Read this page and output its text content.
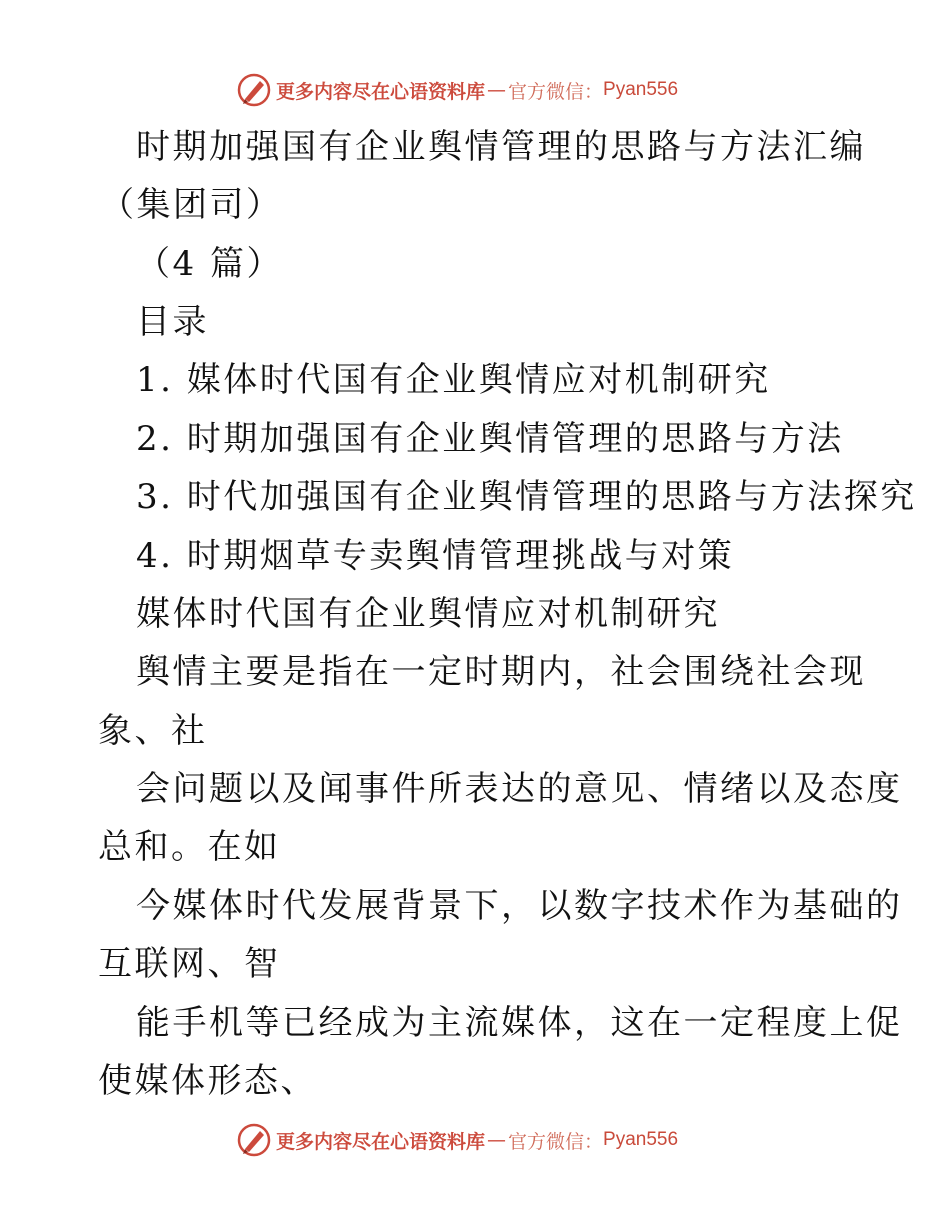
更多内容尽在心语资料库 — 官方微信： Pyan556
时期加强国有企业舆情管理的思路与方法汇编
（集团司）
（4 篇）
目录
1. 媒体时代国有企业舆情应对机制研究
2. 时期加强国有企业舆情管理的思路与方法
3. 时代加强国有企业舆情管理的思路与方法探究
4. 时期烟草专卖舆情管理挑战与对策
媒体时代国有企业舆情应对机制研究
舆情主要是指在一定时期内，社会围绕社会现
象、社
会问题以及闻事件所表达的意见、情绪以及态度
总和。在如
今媒体时代发展背景下，以数字技术作为基础的
互联网、智
能手机等已经成为主流媒体，这在一定程度上促
使媒体形态、
更多内容尽在心语资料库 — 官方微信： Pyan556
